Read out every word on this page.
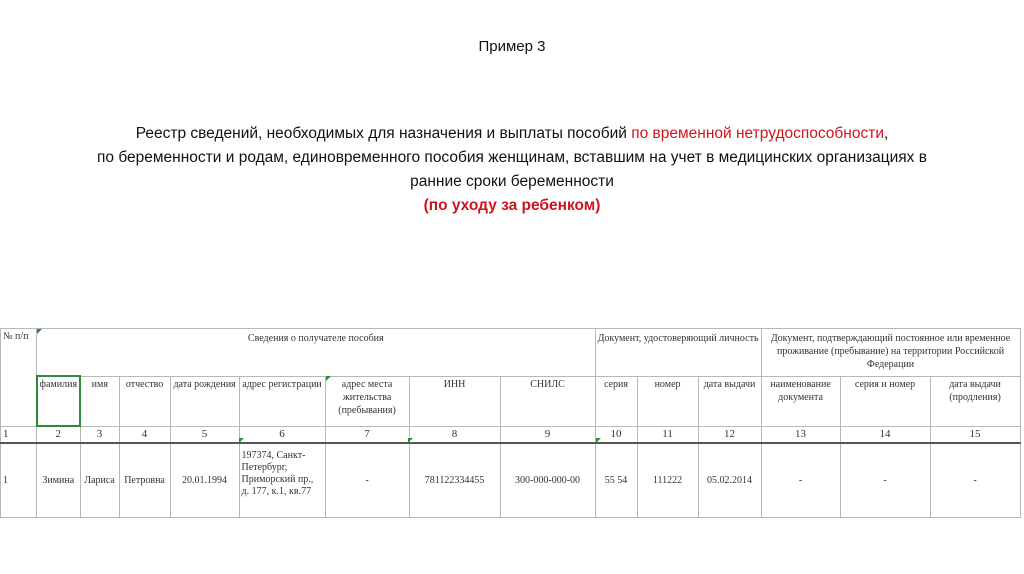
Пример 3
Реестр сведений, необходимых для назначения и выплаты пособий по временной нетрудоспособности,
по беременности и родам, единовременного пособия женщинам, вставшим на учет в медицинских организациях в
ранние сроки беременности
(по уходу за ребенком)
№ п/п	Сведения о получателе пособия								Документ, удостоверяющий личность			Документ, подтверждающий постоянное или временное проживание (пребывание) на территории Российской Федерации		
	фамилия	имя	отчество	дата рождения	адрес регистрации	адрес места жительства (пребывания)	ИНН	СНИЛС	серия	номер	дата выдачи	наименование документа	серия и номер	дата выдачи (продления)
1	2	3	4	5	6	7	8	9	10	11	12	13	14	15
1	Зимина	Лариса	Петровна	20.01.1994	197374, Санкт-Петербург, Приморский пр., д. 177, к.1, кв.77	-	781122334455	300-000-000-00	55 54	111222	05.02.2014	-	-	-
